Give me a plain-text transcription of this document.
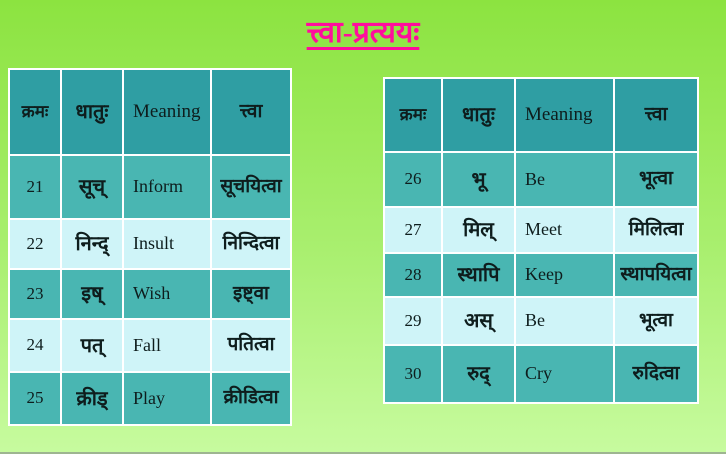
त्त्वा-प्रत्ययः
क्रमः	धातुः	Meaning	त्त्वा
21	सूच्	Inform	सूचयित्वा
22	निन्द्	Insult	निन्दित्वा
23	इष्	Wish	इष्ट्वा
24	पत्	Fall	पतित्वा
25	क्रीड्	Play	क्रीडित्वा
क्रमः	धातुः	Meaning	त्त्वा
26	भू	Be	भूत्वा
27	मिल्	Meet	मिलित्वा
28	स्थापि	Keep	स्थापयित्वा
29	अस्	Be	भूत्वा
30	रुद्	Cry	रुदित्वा
